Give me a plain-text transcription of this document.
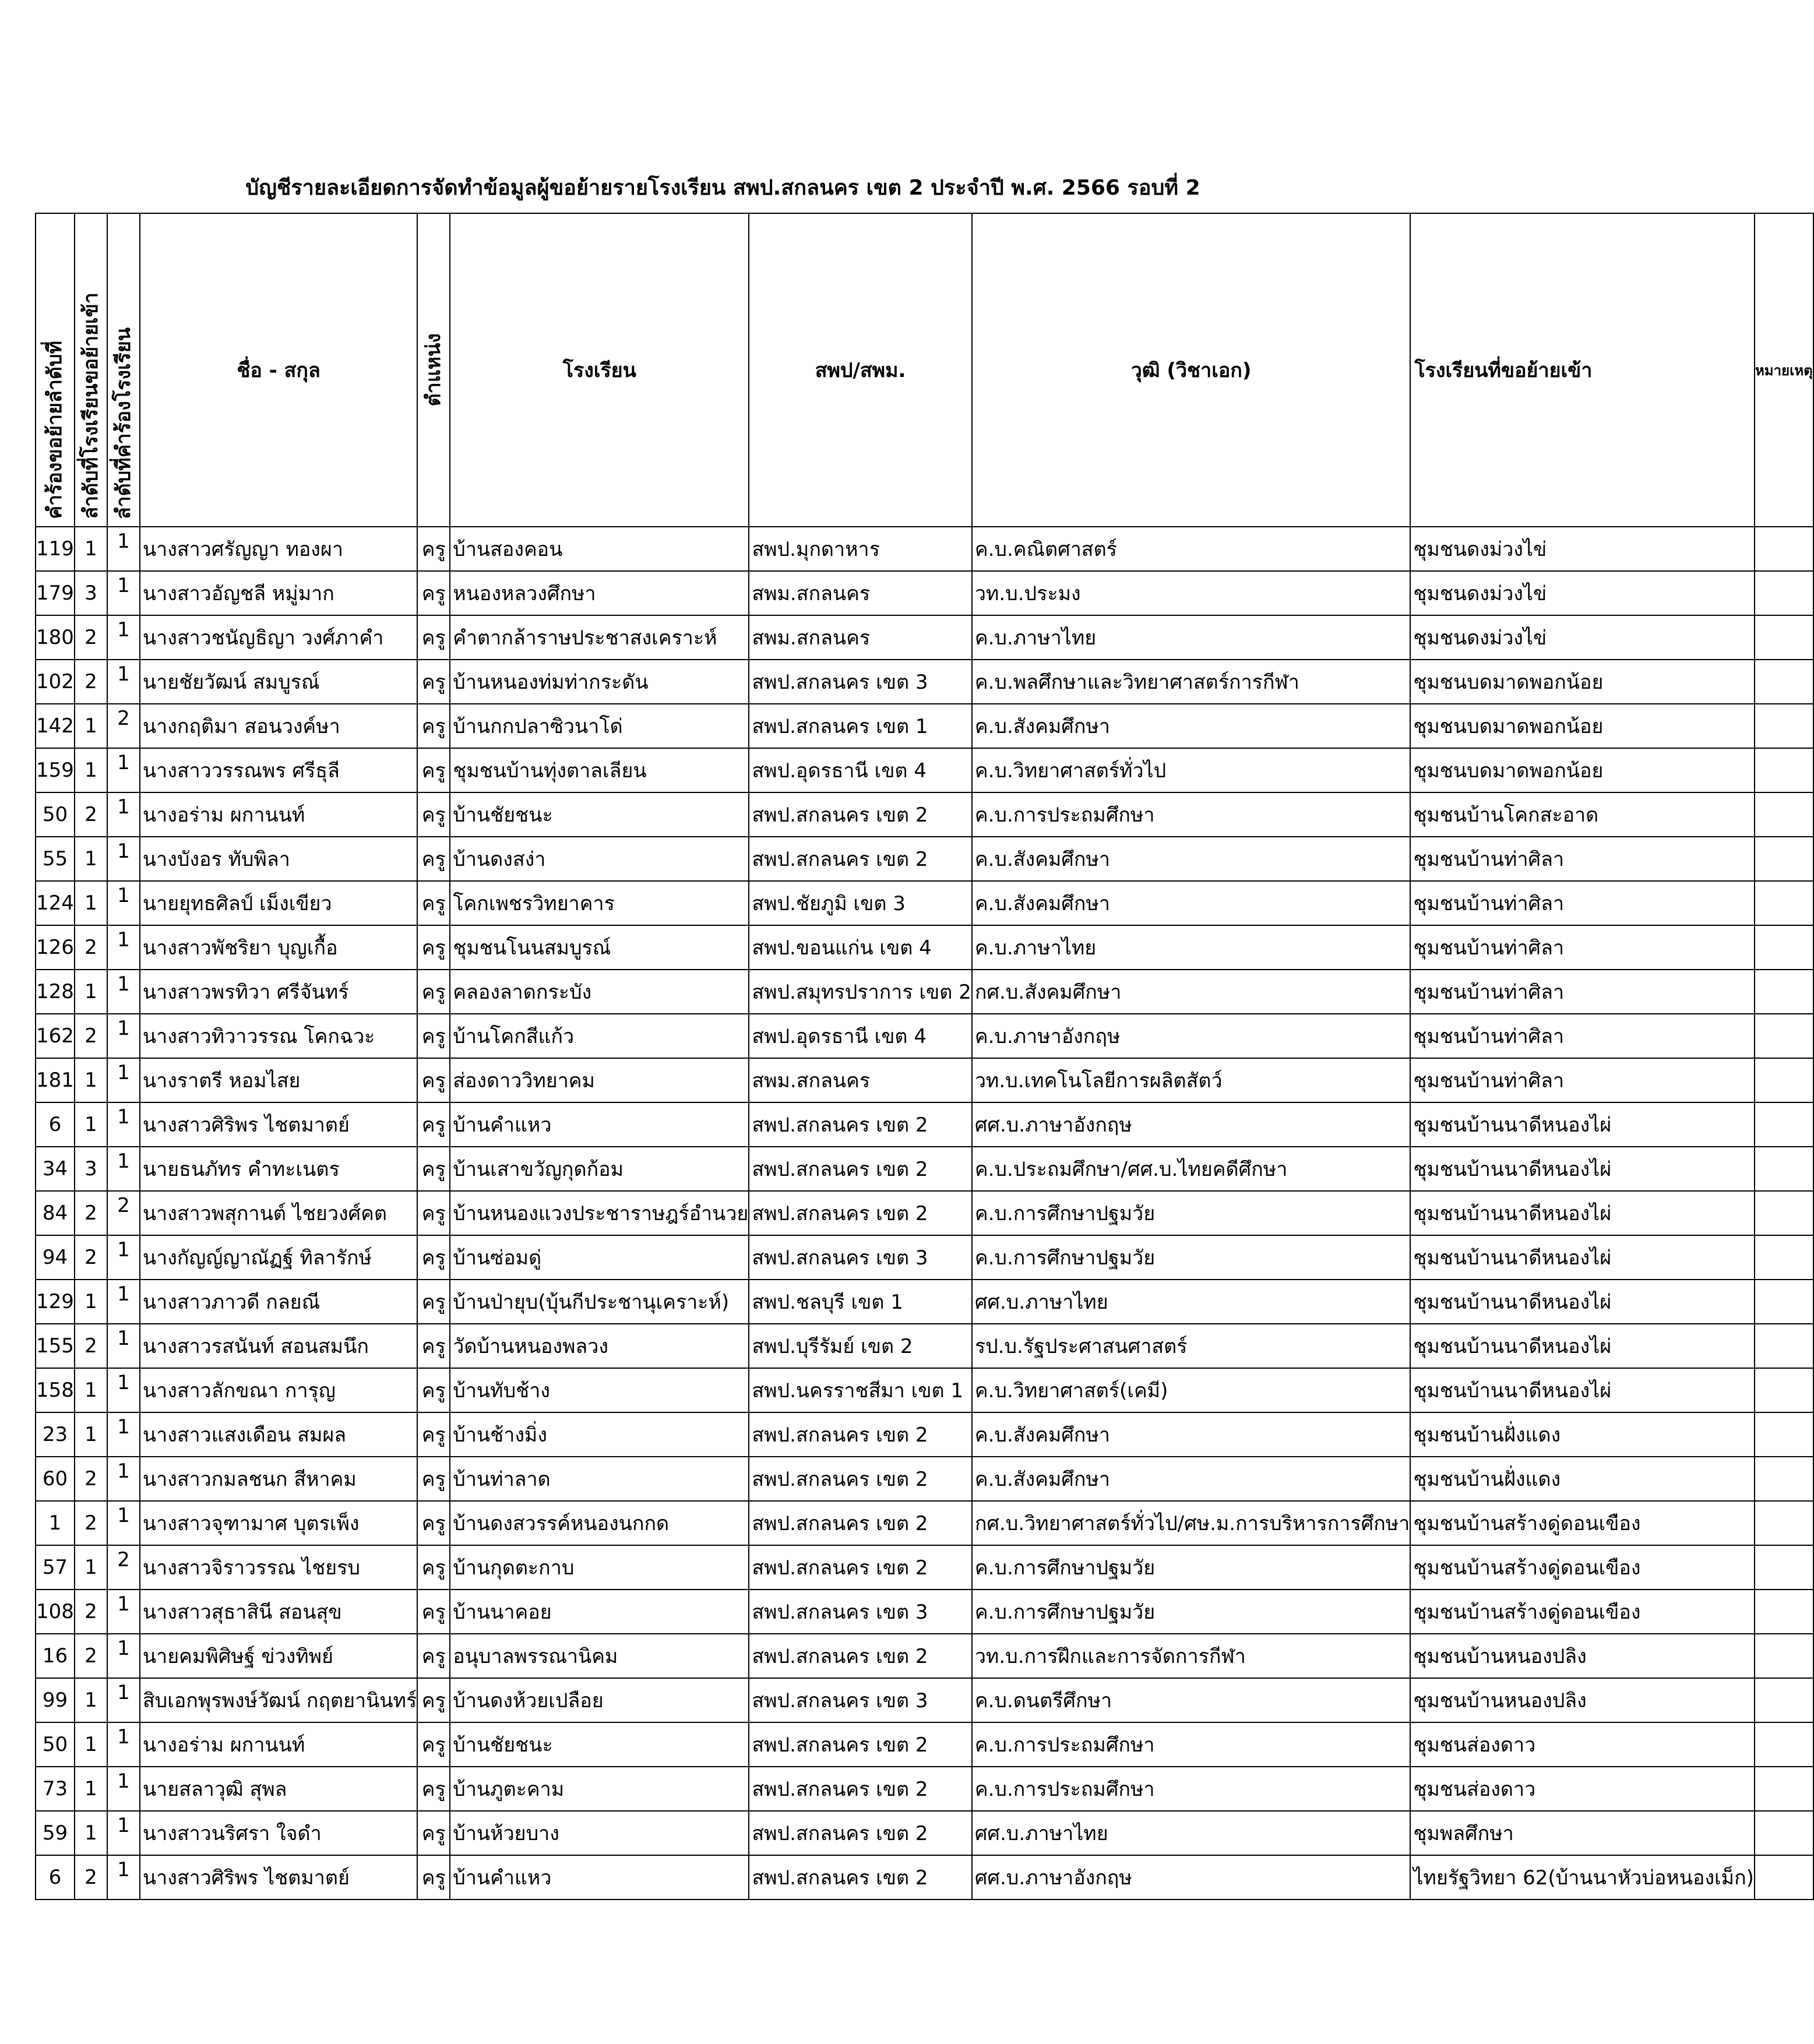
บัญชีรายละเอียดการจัดทำข้อมูลผู้ขอย้ายรายโรงเรียน สพป.สกลนคร เขต 2 ประจำปี พ.ศ. 2566 รอบที่ 2
คำร้องขอย้ายลำดับที่	ลำดับที่โรงเรียนขอย้ายเข้า	ลำดับที่คำร้องโรงเรียน	ชื่อ - สกุล	ตำแหน่ง	โรงเรียน	สพป/สพม.	วุฒิ (วิชาเอก)	โรงเรียนที่ขอย้ายเข้า	หมายเหตุ
119	1	1	นางสาวศรัญญา ทองผา	ครู	บ้านสองคอน	สพป.มุกดาหาร	ค.บ.คณิตศาสตร์	ชุมชนดงม่วงไข่	
179	3	1	นางสาวอัญชลี หมู่มาก	ครู	หนองหลวงศึกษา	สพม.สกลนคร	วท.บ.ประมง	ชุมชนดงม่วงไข่	
180	2	1	นางสาวชนัญธิญา วงศ์ภาคำ	ครู	คำตากล้าราษประชาสงเคราะห์	สพม.สกลนคร	ค.บ.ภาษาไทย	ชุมชนดงม่วงไข่	
102	2	1	นายชัยวัฒน์ สมบูรณ์	ครู	บ้านหนองท่มท่ากระดัน	สพป.สกลนคร เขต 3	ค.บ.พลศึกษาและวิทยาศาสตร์การกีฬา	ชุมชนบดมาดพอกน้อย	
142	1	2	นางกฤติมา สอนวงค์ษา	ครู	บ้านกกปลาซิวนาโด่	สพป.สกลนคร เขต 1	ค.บ.สังคมศึกษา	ชุมชนบดมาดพอกน้อย	
159	1	1	นางสาววรรณพร ศรีธุลี	ครู	ชุมชนบ้านทุ่งตาลเลียน	สพป.อุดรธานี เขต 4	ค.บ.วิทยาศาสตร์ทั่วไป	ชุมชนบดมาดพอกน้อย	
50	2	1	นางอร่าม ผกานนท์	ครู	บ้านชัยชนะ	สพป.สกลนคร เขต 2	ค.บ.การประถมศึกษา	ชุมชนบ้านโคกสะอาด	
55	1	1	นางบังอร ทับพิลา	ครู	บ้านดงสง่า	สพป.สกลนคร เขต 2	ค.บ.สังคมศึกษา	ชุมชนบ้านท่าศิลา	
124	1	1	นายยุทธศิลป์ เม็งเขียว	ครู	โคกเพชรวิทยาคาร	สพป.ชัยภูมิ เขต 3	ค.บ.สังคมศึกษา	ชุมชนบ้านท่าศิลา	
126	2	1	นางสาวพัชริยา บุญเกื้อ	ครู	ชุมชนโนนสมบูรณ์	สพป.ขอนแก่น เขต 4	ค.บ.ภาษาไทย	ชุมชนบ้านท่าศิลา	
128	1	1	นางสาวพรทิวา ศรีจันทร์	ครู	คลองลาดกระบัง	สพป.สมุทรปราการ เขต 2	กศ.บ.สังคมศึกษา	ชุมชนบ้านท่าศิลา	
162	2	1	นางสาวทิวาวรรณ โคกฉวะ	ครู	บ้านโคกสีแก้ว	สพป.อุดรธานี เขต 4	ค.บ.ภาษาอังกฤษ	ชุมชนบ้านท่าศิลา	
181	1	1	นางราตรี หอมไสย	ครู	ส่องดาววิทยาคม	สพม.สกลนคร	วท.บ.เทคโนโลยีการผลิตสัตว์	ชุมชนบ้านท่าศิลา	
6	1	1	นางสาวศิริพร ไชตมาตย์	ครู	บ้านคำแหว	สพป.สกลนคร เขต 2	ศศ.บ.ภาษาอังกฤษ	ชุมชนบ้านนาดีหนองไผ่	
34	3	1	นายธนภัทร คำทะเนตร	ครู	บ้านเสาขวัญกุดก้อม	สพป.สกลนคร เขต 2	ค.บ.ประถมศึกษา/ศศ.บ.ไทยคดีศึกษา	ชุมชนบ้านนาดีหนองไผ่	
84	2	2	นางสาวพสุกานต์ ไชยวงศ์คต	ครู	บ้านหนองแวงประชาราษฎร์อำนวย	สพป.สกลนคร เขต 2	ค.บ.การศึกษาปฐมวัย	ชุมชนบ้านนาดีหนองไผ่	
94	2	1	นางกัญญ์ญาณัฏฐ์ ทิลารักษ์	ครู	บ้านซ่อมดู่	สพป.สกลนคร เขต 3	ค.บ.การศึกษาปฐมวัย	ชุมชนบ้านนาดีหนองไผ่	
129	1	1	นางสาวภาวดี กลยณี	ครู	บ้านป่ายุบ(บุ้นกีประชานุเคราะห์)	สพป.ชลบุรี เขต 1	ศศ.บ.ภาษาไทย	ชุมชนบ้านนาดีหนองไผ่	
155	2	1	นางสาวรสนันท์ สอนสมนึก	ครู	วัดบ้านหนองพลวง	สพป.บุรีรัมย์ เขต 2	รป.บ.รัฐประศาสนศาสตร์	ชุมชนบ้านนาดีหนองไผ่	
158	1	1	นางสาวลักขณา การุญ	ครู	บ้านทับช้าง	สพป.นครราชสีมา เขต 1	ค.บ.วิทยาศาสตร์(เคมี)	ชุมชนบ้านนาดีหนองไผ่	
23	1	1	นางสาวแสงเดือน สมผล	ครู	บ้านช้างมิ่ง	สพป.สกลนคร เขต 2	ค.บ.สังคมศึกษา	ชุมชนบ้านฝั่งแดง	
60	2	1	นางสาวกมลชนก สีหาคม	ครู	บ้านท่าลาด	สพป.สกลนคร เขต 2	ค.บ.สังคมศึกษา	ชุมชนบ้านฝั่งแดง	
1	2	1	นางสาวจุฑามาศ บุตรเพ็ง	ครู	บ้านดงสวรรค์หนองนกกด	สพป.สกลนคร เขต 2	กศ.บ.วิทยาศาสตร์ทั่วไป/ศษ.ม.การบริหารการศึกษา	ชุมชนบ้านสร้างดู่ดอนเขือง	
57	1	2	นางสาวจิราวรรณ ไชยรบ	ครู	บ้านกุดตะกาบ	สพป.สกลนคร เขต 2	ค.บ.การศึกษาปฐมวัย	ชุมชนบ้านสร้างดู่ดอนเขือง	
108	2	1	นางสาวสุธาสินี สอนสุข	ครู	บ้านนาคอย	สพป.สกลนคร เขต 3	ค.บ.การศึกษาปฐมวัย	ชุมชนบ้านสร้างดู่ดอนเขือง	
16	2	1	นายคมพิศิษฐ์ ข่วงทิพย์	ครู	อนุบาลพรรณานิคม	สพป.สกลนคร เขต 2	วท.บ.การฝึกและการจัดการกีฬา	ชุมชนบ้านหนองปลิง	
99	1	1	สิบเอกพุรพงษ์วัฒน์ กฤตยานินทร์	ครู	บ้านดงห้วยเปลือย	สพป.สกลนคร เขต 3	ค.บ.ดนตรีศึกษา	ชุมชนบ้านหนองปลิง	
50	1	1	นางอร่าม ผกานนท์	ครู	บ้านชัยชนะ	สพป.สกลนคร เขต 2	ค.บ.การประถมศึกษา	ชุมชนส่องดาว	
73	1	1	นายสลาวุฒิ สุพล	ครู	บ้านภูตะคาม	สพป.สกลนคร เขต 2	ค.บ.การประถมศึกษา	ชุมชนส่องดาว	
59	1	1	นางสาวนริศรา ใจดำ	ครู	บ้านห้วยบาง	สพป.สกลนคร เขต 2	ศศ.บ.ภาษาไทย	ชุมพลศึกษา	
6	2	1	นางสาวศิริพร ไชตมาตย์	ครู	บ้านคำแหว	สพป.สกลนคร เขต 2	ศศ.บ.ภาษาอังกฤษ	ไทยรัฐวิทยา 62(บ้านนาหัวบ่อหนองเม็ก)	
